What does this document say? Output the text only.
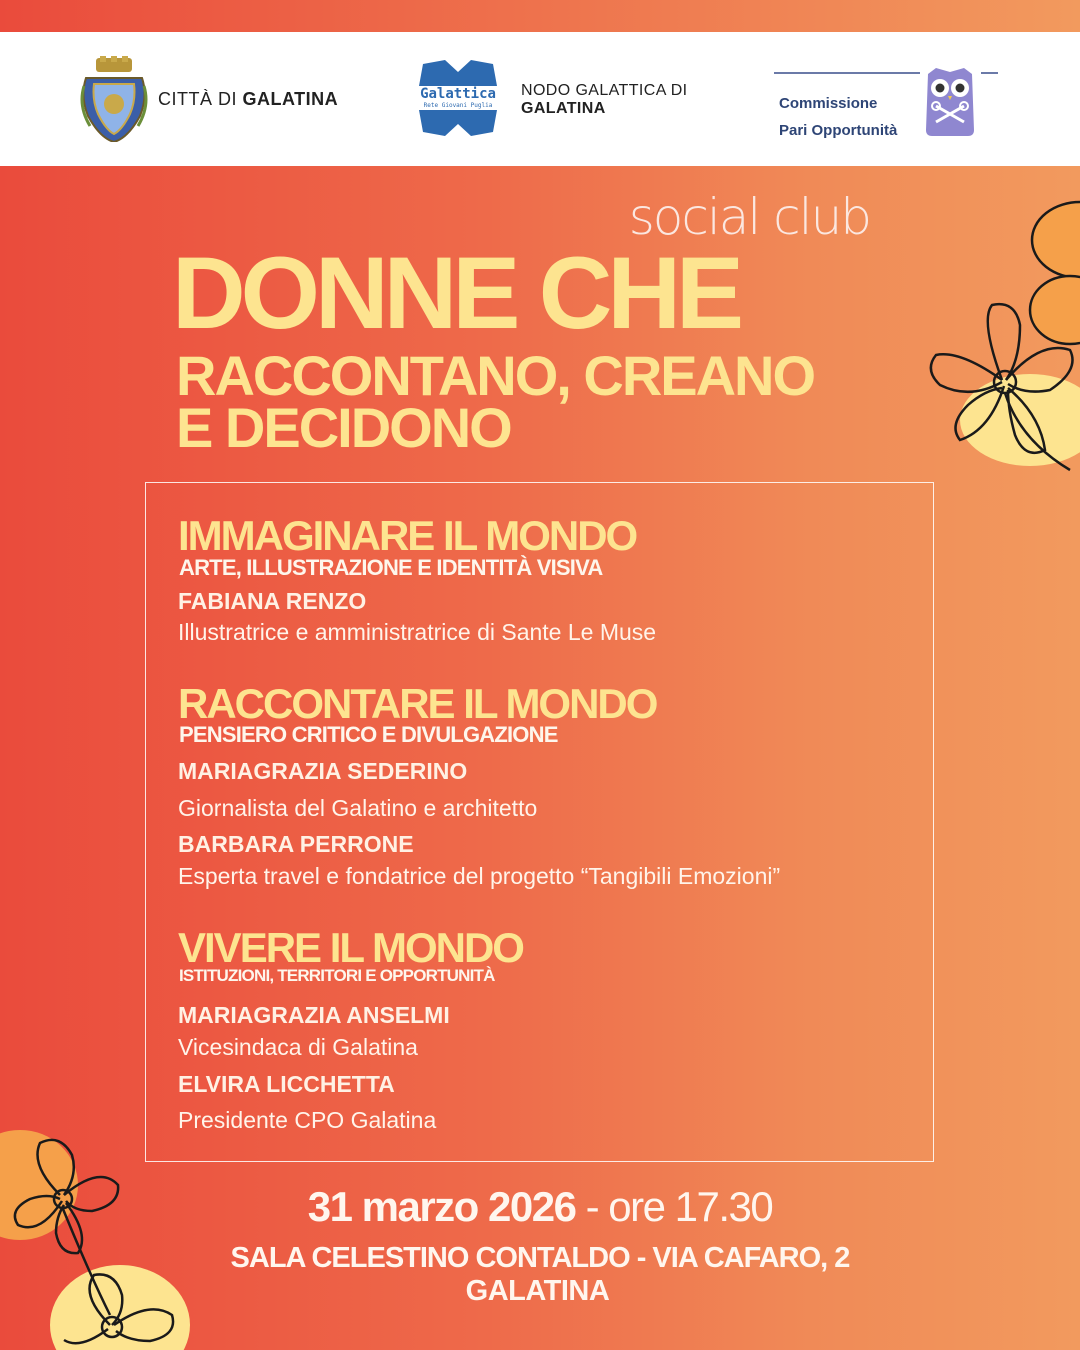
CITTÀ DI GALATINA	Galattica
Rete Giovani Puglia
NODO GALATTICA DI
GALATINA	Commissione
Pari Opportunità
social club
DONNE CHE
RACCONTANO, CREANO
E DECIDONO
IMMAGINARE IL MONDO
ARTE, ILLUSTRAZIONE E IDENTITÀ VISIVA
FABIANA RENZO
Illustratrice e amministratrice di Sante Le Muse
RACCONTARE IL MONDO
PENSIERO CRITICO E DIVULGAZIONE
MARIAGRAZIA SEDERINO
Giornalista del Galatino e architetto
BARBARA PERRONE
Esperta travel e fondatrice del progetto “Tangibili Emozioni”
VIVERE IL MONDO
ISTITUZIONI, TERRITORI E OPPORTUNITÀ
MARIAGRAZIA ANSELMI
Vicesindaca di Galatina
ELVIRA LICCHETTA
Presidente CPO Galatina
31 marzo 2026 - ore 17.30
SALA CELESTINO CONTALDO - VIA CAFARO, 2
GALATINA
